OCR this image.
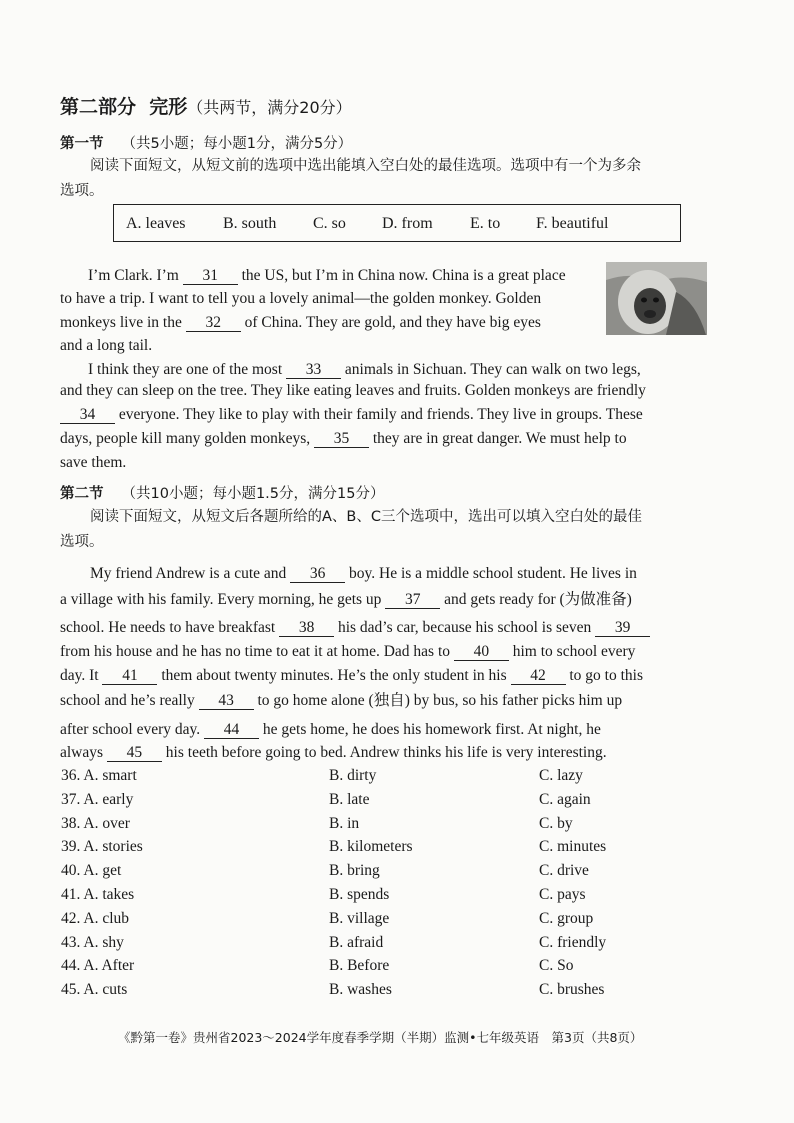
第二部分 完形（共两节，满分20分）
第一节 （共5小题；每小题1分，满分5分）
阅读下面短文，从短文前的选项中选出能填入空白处的最佳选项。选项中有一个为多余
选项。
A. leaves B. south C. so D. from E. to F. beautiful
I’m Clark. I’m 31 the US, but I’m in China now. China is a great place
to have a trip. I want to tell you a lovely animal—the golden monkey. Golden
monkeys live in the 32 of China. They are gold, and they have big eyes
and a long tail.
I think they are one of the most 33 animals in Sichuan. They can walk on two legs,
and they can sleep on the tree. They like eating leaves and fruits. Golden monkeys are friendly
34 everyone. They like to play with their family and friends. They live in groups. These
days, people kill many golden monkeys, 35 they are in great danger. We must help to
save them.
第二节 （共10小题；每小题1.5分，满分15分）
阅读下面短文，从短文后各题所给的A、B、C三个选项中，选出可以填入空白处的最佳
选项。
My friend Andrew is a cute and 36 boy. He is a middle school student. He lives in
a village with his family. Every morning, he gets up 37 and gets ready for (为做准备)
school. He needs to have breakfast 38 his dad’s car, because his school is seven 39
from his house and he has no time to eat it at home. Dad has to 40 him to school every
day. It 41 them about twenty minutes. He’s the only student in his 42 to go to this
school and he’s really 43 to go home alone (独自) by bus, so his father picks him up
after school every day. 44 he gets home, he does his homework first. At night, he
always 45 his teeth before going to bed. Andrew thinks his life is very interesting.
36. A. smart	B. dirty	C. lazy
37. A. early	B. late	C. again
38. A. over	B. in	C. by
39. A. stories	B. kilometers	C. minutes
40. A. get	B. bring	C. drive
41. A. takes	B. spends	C. pays
42. A. club	B. village	C. group
43. A. shy	B. afraid	C. friendly
44. A. After	B. Before	C. So
45. A. cuts	B. washes	C. brushes
《黔第一卷》贵州省2023～2024学年度春季学期（半期）监测•七年级英语　第3页（共8页）
